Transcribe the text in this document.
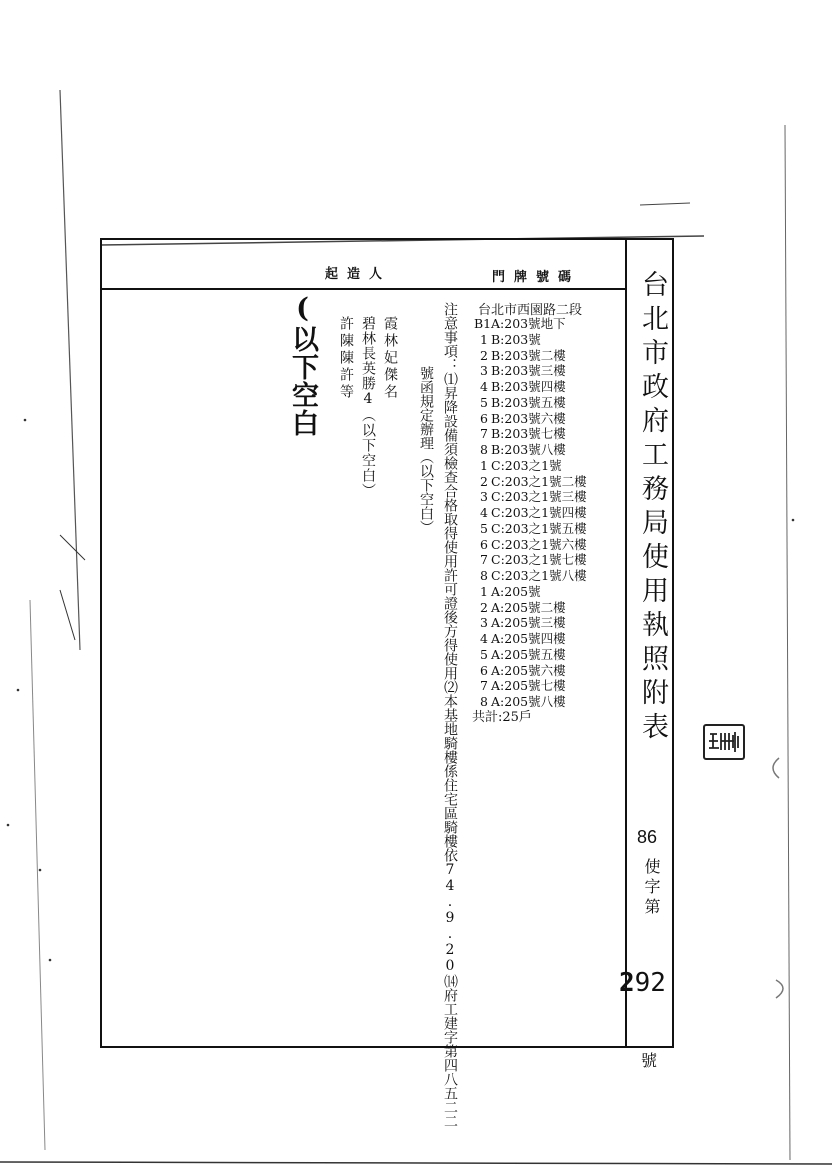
門牌號碼
起造人
台北市西園路二段
B1A:203號地下
1 B:203號
2 B:203號二樓
3 B:203號三樓
4 B:203號四樓
5 B:203號五樓
6 B:203號六樓
7 B:203號七樓
8 B:203號八樓
1 C:203之1號
2 C:203之1號二樓
3 C:203之1號三樓
4 C:203之1號四樓
5 C:203之1號五樓
6 C:203之1號六樓
7 C:203之1號七樓
8 C:203之1號八樓
1 A:205號
2 A:205號二樓
3 A:205號三樓
4 A:205號四樓
5 A:205號五樓
6 A:205號六樓
7 A:205號七樓
8 A:205號八樓
共計:25戶
注意事項：⑴昇降設備須檢查合格取得使用許可證後方得使用⑵本基地騎樓係住宅區騎樓依74.9.20⒁府工建字第四八五二二
號函規定辦理（以下空白）
霞林妃傑名
碧林長英勝4（以下空白）
許陳陳許等
(以下空白	台北市政府工務局使用執照附表
86
使字第
292
號
